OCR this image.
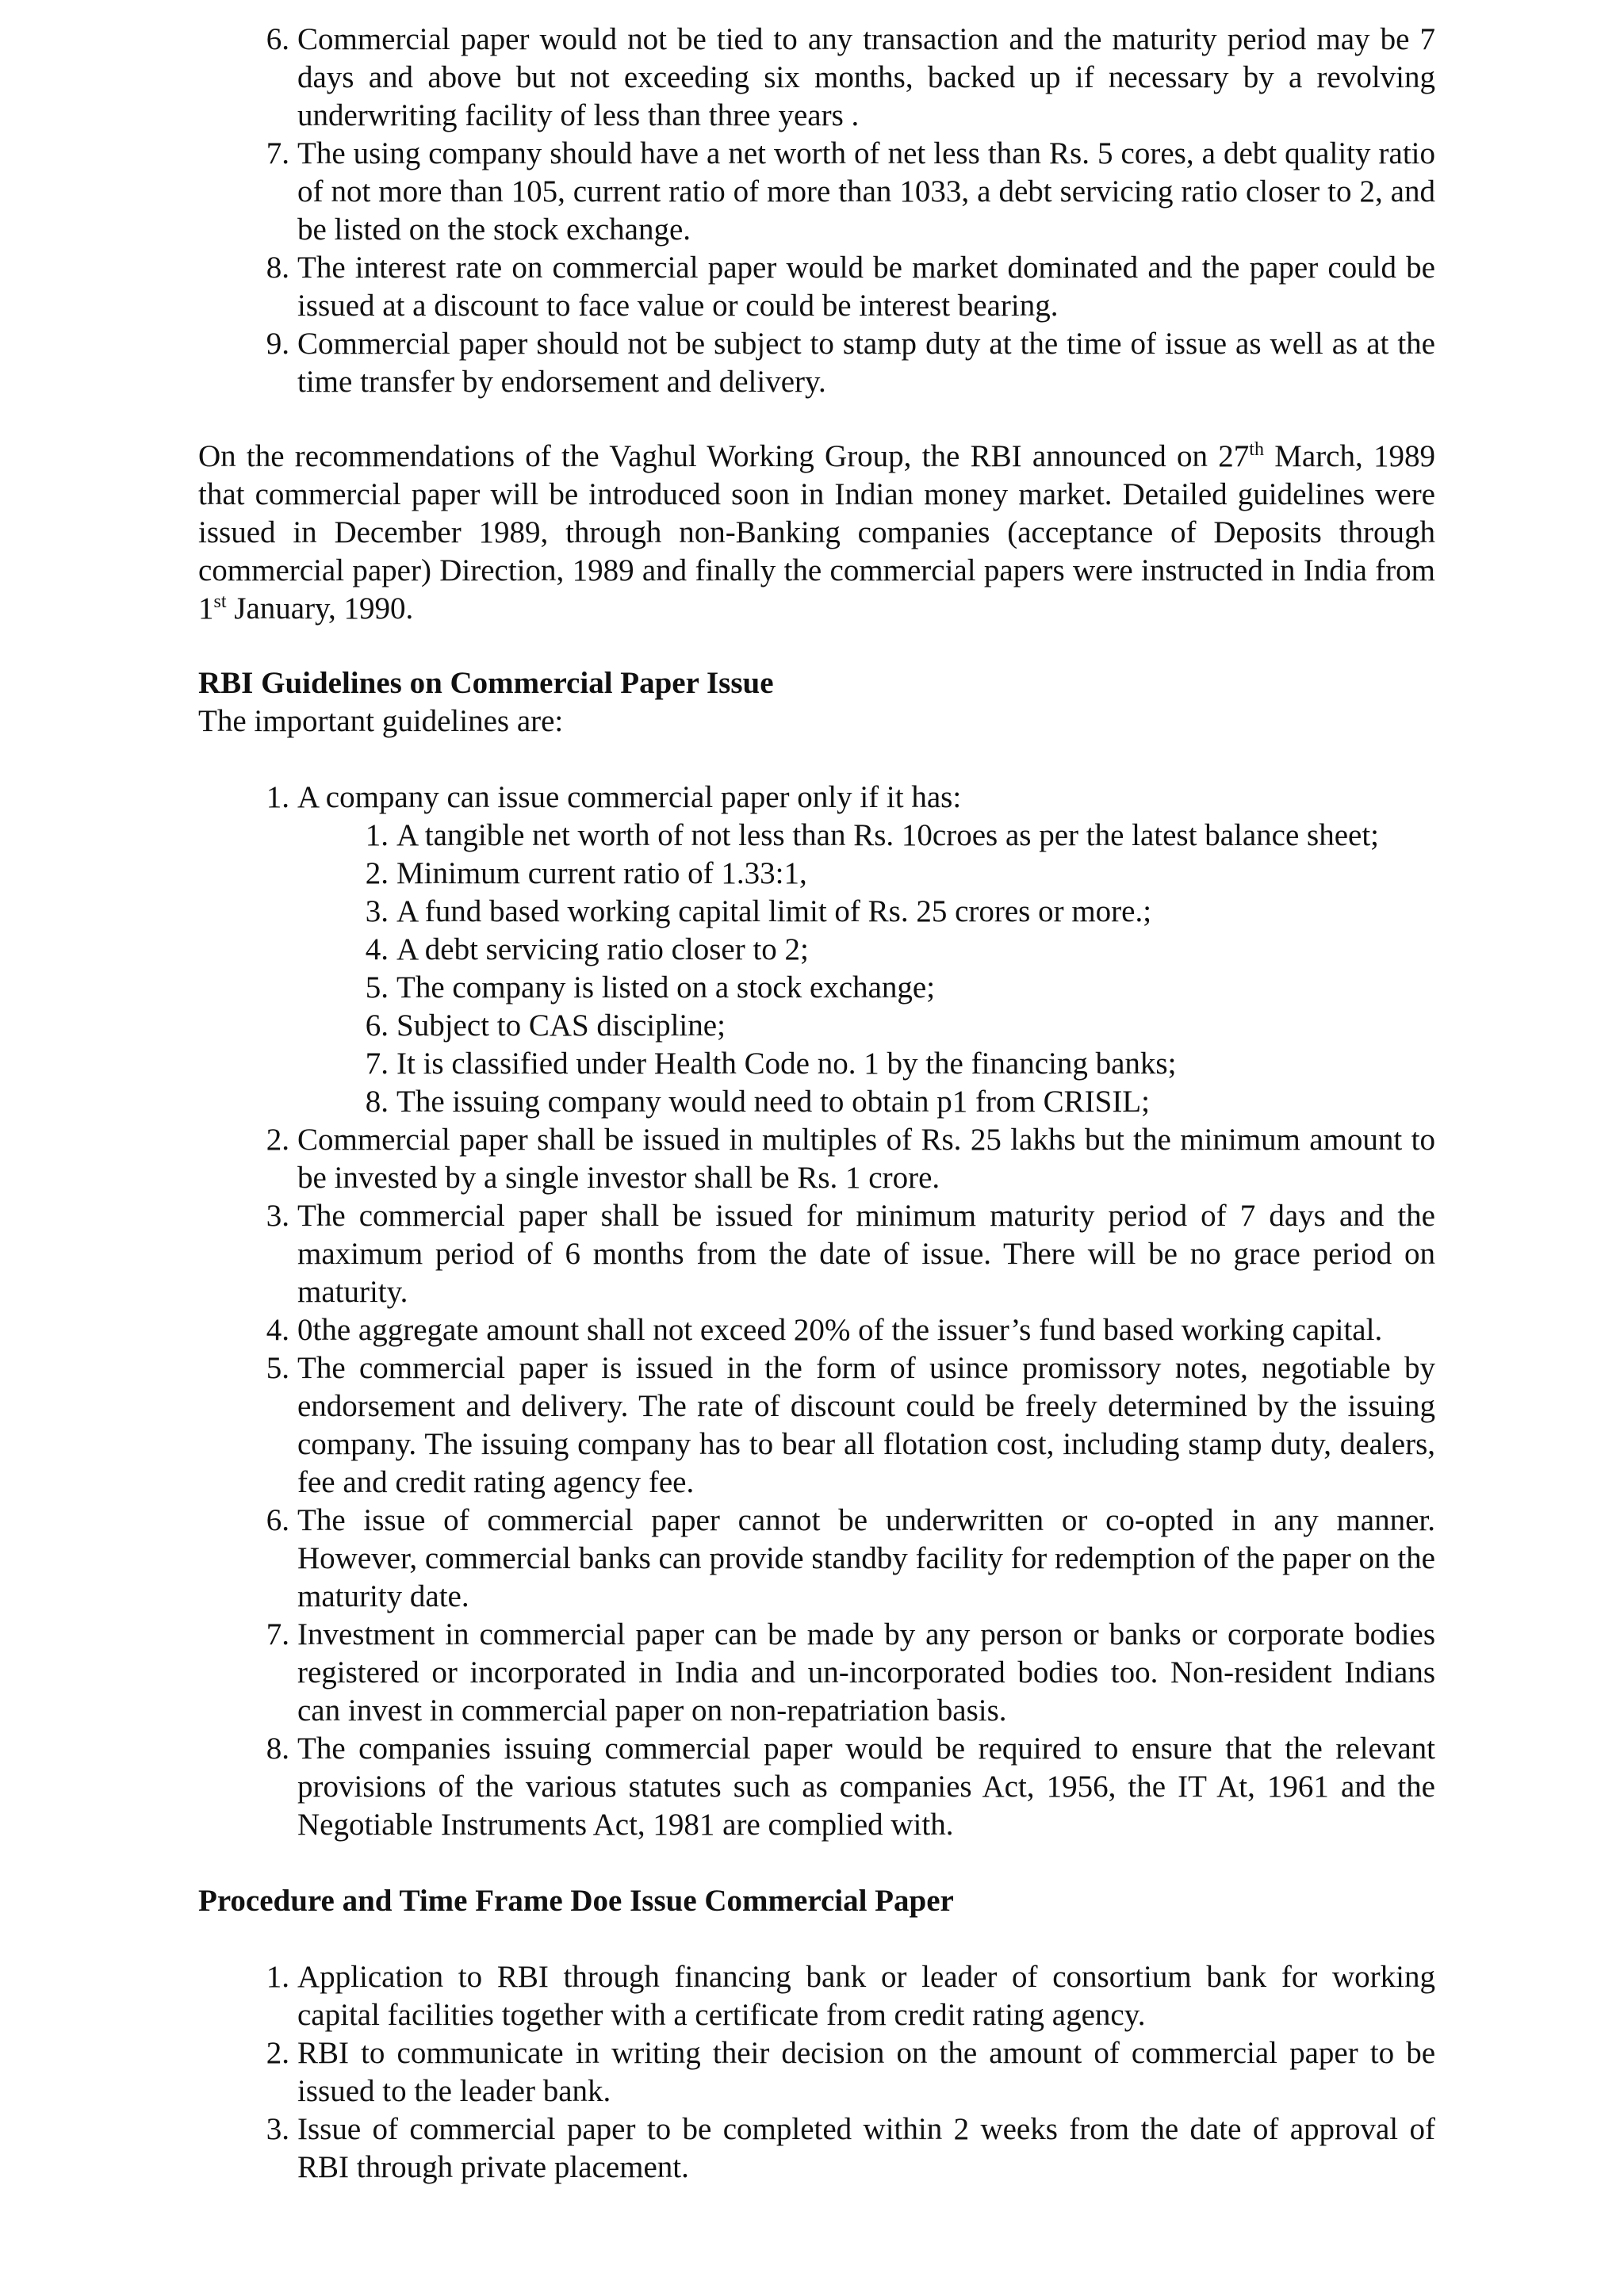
6. Commercial paper would not be tied to any transaction and the maturity period may be 7 days and above but not exceeding six months, backed up if necessary by a revolving underwriting facility of less than three years .
7. The using company should have a net worth of net less than Rs. 5 cores, a debt quality ratio of not more than 105, current ratio of more than 1033, a debt servicing ratio closer to 2, and be listed on the stock exchange.
8. The interest rate on commercial paper would be market dominated and the paper could be issued at a discount to face value or could be interest bearing.
9. Commercial paper should not be subject to stamp duty at the time of issue as well as at the time transfer by endorsement and delivery.

On the recommendations of the Vaghul Working Group, the RBI announced on 27th March, 1989 that commercial paper will be introduced soon in Indian money market. Detailed guidelines were issued in December 1989, through non-Banking companies (acceptance of Deposits through commercial paper) Direction, 1989 and finally the commercial papers were instructed in India from 1st January, 1990.

RBI Guidelines on Commercial Paper Issue

The important guidelines are:

1. A company can issue commercial paper only if it has:
1. A tangible net worth of not less than Rs. 10croes as per the latest balance sheet;
2. Minimum current ratio of 1.33:1,
3. A fund based working capital limit of Rs. 25 crores or more.;
4. A debt servicing ratio closer to 2;
5. The company is listed on a stock exchange;
6. Subject to CAS discipline;
7. It is classified under Health Code no. 1 by the financing banks;
8. The issuing company would need to obtain p1 from CRISIL;
2. Commercial paper shall be issued in multiples of Rs. 25 lakhs but the minimum amount to be invested by a single investor shall be Rs. 1 crore.
3. The commercial paper shall be issued for minimum maturity period of 7 days and the maximum period of 6 months from the date of issue. There will be no grace period on maturity.
4. 0the aggregate amount shall not exceed 20% of the issuer’s fund based working capital.
5. The commercial paper is issued in the form of usince promissory notes, negotiable by endorsement and delivery. The rate of discount could be freely determined by the issuing company. The issuing company has to bear all flotation cost, including stamp duty, dealers, fee and credit rating agency fee.
6. The issue of commercial paper cannot be underwritten or co-opted in any manner. However, commercial banks can provide standby facility for redemption of the paper on the maturity date.
7. Investment in commercial paper can be made by any person or banks or corporate bodies registered or incorporated in India and un-incorporated bodies too. Non-resident Indians can invest in commercial paper on non-repatriation basis.
8. The companies issuing commercial paper would be required to ensure that the relevant provisions of the various statutes such as companies Act, 1956, the IT At, 1961 and the Negotiable Instruments Act, 1981 are complied with.

Procedure and Time Frame Doe Issue Commercial Paper

1. Application to RBI through financing bank or leader of consortium bank for working capital facilities together with a certificate from credit rating agency.
2. RBI to communicate in writing their decision on the amount of commercial paper to be issued to the leader bank.
3. Issue of commercial paper to be completed within 2 weeks from the date of approval of RBI through private placement.
